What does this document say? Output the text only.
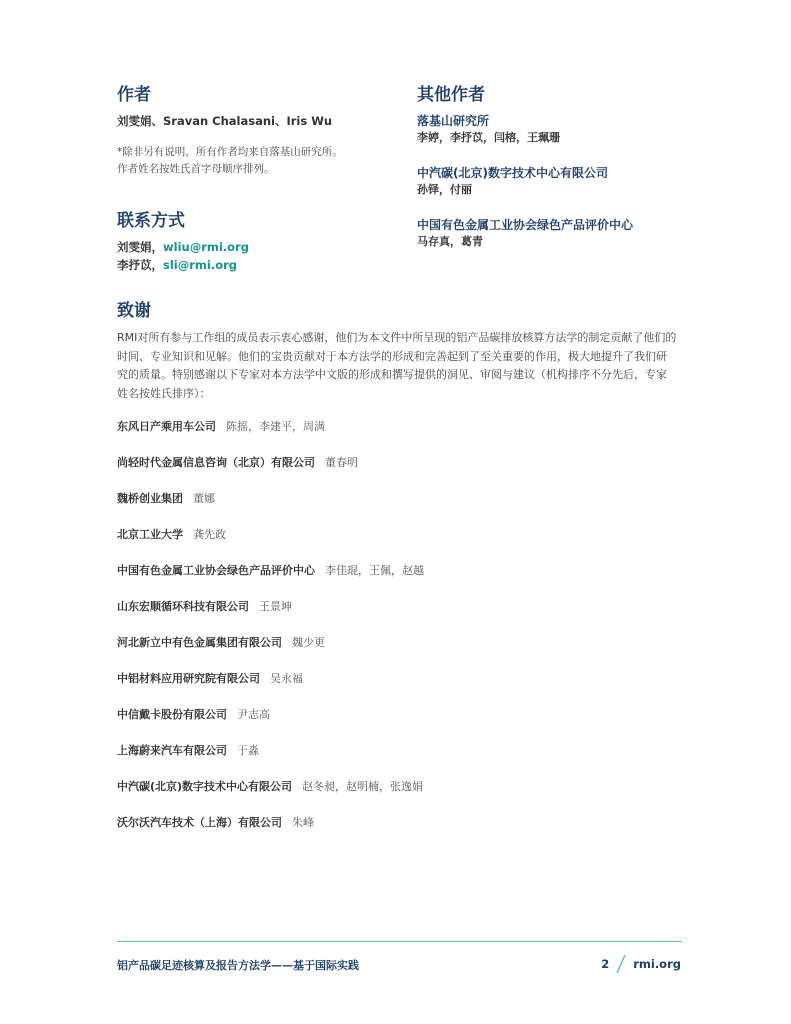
作者
刘雯娟、Sravan Chalasani、Iris Wu
*除非另有说明，所有作者均来自落基山研究所。
作者姓名按姓氏首字母顺序排列。
联系方式
刘雯娟，wliu@rmi.org
李抒苡，sli@rmi.org
其他作者
落基山研究所
李婷，李抒苡，闫榕，王珮珊
中汽碳(北京)数字技术中心有限公司
孙铎，付丽
中国有色金属工业协会绿色产品评价中心
马存真，葛青
致谢
RMI对所有参与工作组的成员表示衷心感谢，他们为本文件中所呈现的铝产品碳排放核算方法学的制定贡献了他们的时间、专业知识和见解。他们的宝贵贡献对于本方法学的形成和完善起到了至关重要的作用，极大地提升了我们研究的质量。特别感谢以下专家对本方法学中文版的形成和撰写提供的洞见、审阅与建议（机构排序不分先后，专家姓名按姓氏排序）：
东风日产乘用车公司 陈摇，李建平，周满
尚轻时代金属信息咨询（北京）有限公司 董春明
魏桥创业集团 董娜
北京工业大学 龚先政
中国有色金属工业协会绿色产品评价中心 李佳琨，王佩，赵越
山东宏顺循环科技有限公司 王景坤
河北新立中有色金属集团有限公司 魏少更
中铝材料应用研究院有限公司 吴永福
中信戴卡股份有限公司 尹志高
上海蔚来汽车有限公司 于淼
中汽碳(北京)数字技术中心有限公司 赵冬昶，赵明楠，张逸娟
沃尔沃汽车技术（上海）有限公司 朱峰
铝产品碳足迹核算及报告方法学——基于国际实践	2 rmi.org
